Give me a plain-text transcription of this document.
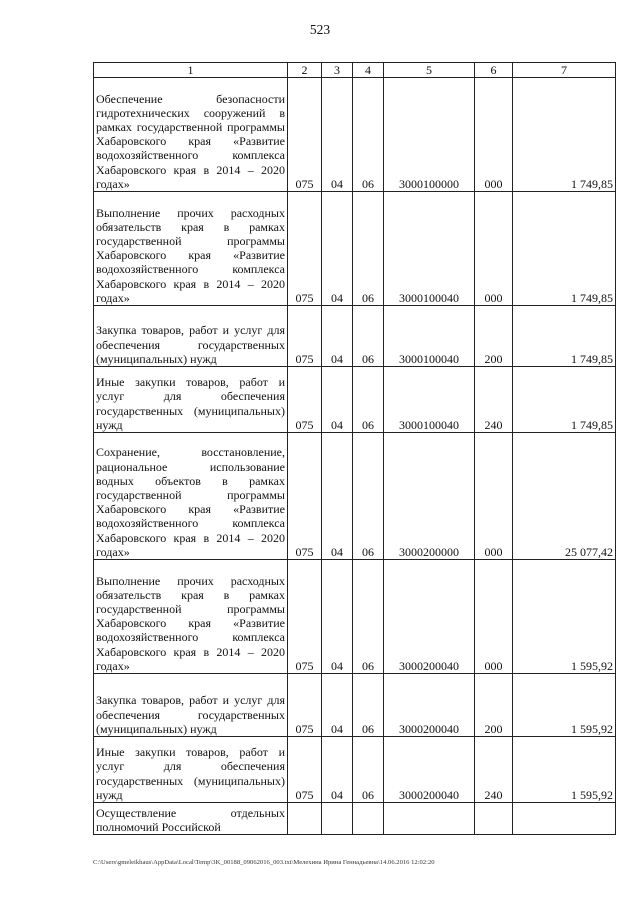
523
1	2	3	4	5	6	7

Обеспечение безопасности гидротехнических сооружений в рамках государственной программы Хабаровского края «Развитие водохозяйственного комплекса Хабаровского края в 2014 – 2020 годах»	075	04	06	3000100000	000	1 749,85

Выполнение прочих расходных обязательств края в рамках государственной программы Хабаровского края «Развитие водохозяйственного комплекса Хабаровского края в 2014 – 2020 годах»	075	04	06	3000100040	000	1 749,85

Закупка товаров, работ и услуг для обеспечения государственных (муниципальных) нужд	075	04	06	3000100040	200	1 749,85

Иные закупки товаров, работ и услуг для обеспечения государственных (муниципальных) нужд	075	04	06	3000100040	240	1 749,85

Сохранение, восстановление, рациональное использование водных объектов в рамках государственной программы Хабаровского края «Развитие водохозяйственного комплекса Хабаровского края в 2014 – 2020 годах»	075	04	06	3000200000	000	25 077,42

Выполнение прочих расходных обязательств края в рамках государственной программы Хабаровского края «Развитие водохозяйственного комплекса Хабаровского края в 2014 – 2020 годах»	075	04	06	3000200040	000	1 595,92

Закупка товаров, работ и услуг для обеспечения государственных (муниципальных) нужд	075	04	06	3000200040	200	1 595,92

Иные закупки товаров, работ и услуг для обеспечения государственных (муниципальных) нужд	075	04	06	3000200040	240	1 595,92

Осуществление отдельных полномочий Российской						

C:\Users\gmeleikhaus\AppData\Local\Temp\3K_00188_09062016_003.txt\Мелехина Ирина Геннадьевна\14.06.2016 12:02:20
